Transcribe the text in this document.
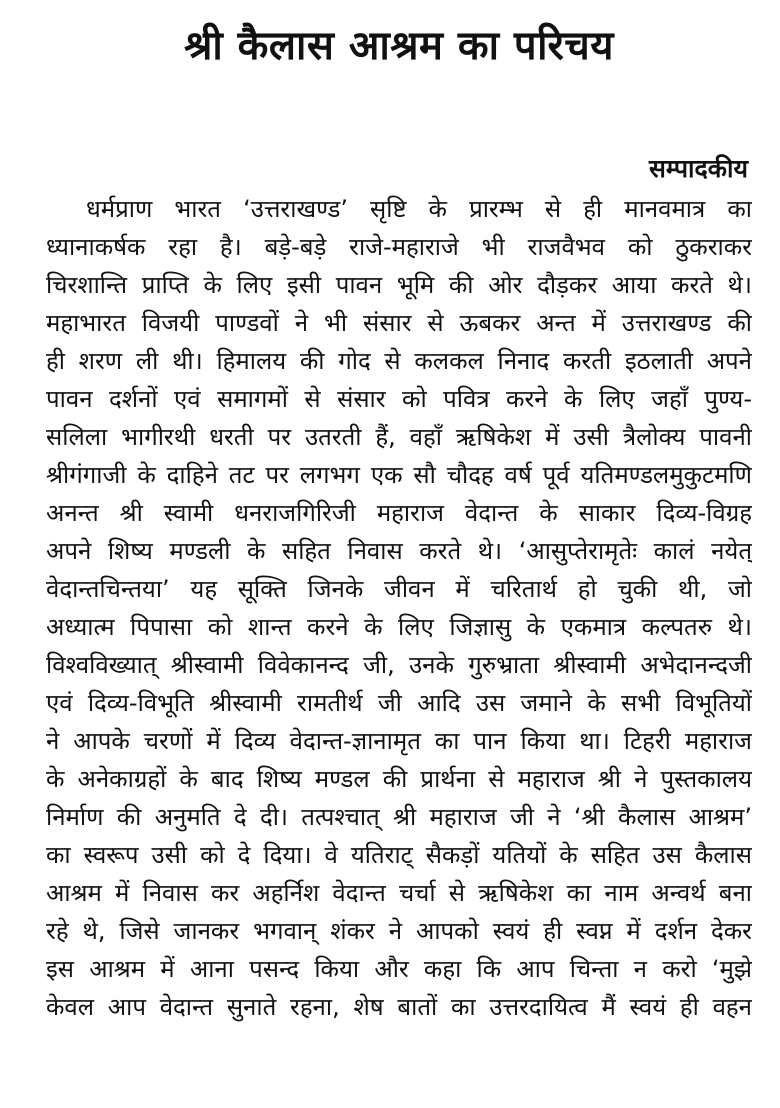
श्री कैलास आश्रम का परिचय
सम्पादकीय
धर्मप्राण भारत ‘उत्तराखण्ड’ सृष्टि के प्रारम्भ से ही मानवमात्र का
ध्यानाकर्षक रहा है। बड़े-बड़े राजे-महाराजे भी राजवैभव को ठुकराकर
चिरशान्ति प्राप्ति के लिए इसी पावन भूमि की ओर दौड़कर आया करते थे।
महाभारत विजयी पाण्डवों ने भी संसार से ऊबकर अन्त में उत्तराखण्ड की
ही शरण ली थी। हिमालय की गोद से कलकल निनाद करती इठलाती अपने
पावन दर्शनों एवं समागमों से संसार को पवित्र करने के लिए जहाँ पुण्य-
सलिला भागीरथी धरती पर उतरती हैं, वहाँ ऋषिकेश में उसी त्रैलोक्य पावनी
श्रीगंगाजी के दाहिने तट पर लगभग एक सौ चौदह वर्ष पूर्व यतिमण्डलमुकुटमणि
अनन्त श्री स्वामी धनराजगिरिजी महाराज वेदान्त के साकार दिव्य-विग्रह
अपने शिष्य मण्डली के सहित निवास करते थे। ‘आसुप्तेरामृतेः कालं नयेत्
वेदान्तचिन्तया’ यह सूक्ति जिनके जीवन में चरितार्थ हो चुकी थी, जो
अध्यात्म पिपासा को शान्त करने के लिए जिज्ञासु के एकमात्र कल्पतरु थे।
विश्वविख्यात् श्रीस्वामी विवेकानन्द जी, उनके गुरुभ्राता श्रीस्वामी अभेदानन्दजी
एवं दिव्य-विभूति श्रीस्वामी रामतीर्थ जी आदि उस जमाने के सभी विभूतियों
ने आपके चरणों में दिव्य वेदान्त-ज्ञानामृत का पान किया था। टिहरी महाराज
के अनेकाग्रहों के बाद शिष्य मण्डल की प्रार्थना से महाराज श्री ने पुस्तकालय
निर्माण की अनुमति दे दी। तत्पश्चात् श्री महाराज जी ने ‘श्री कैलास आश्रम’
का स्वरूप उसी को दे दिया। वे यतिराट् सैकड़ों यतियों के सहित उस कैलास
आश्रम में निवास कर अहर्निश वेदान्त चर्चा से ऋषिकेश का नाम अन्वर्थ बना
रहे थे, जिसे जानकर भगवान् शंकर ने आपको स्वयं ही स्वप्न में दर्शन देकर
इस आश्रम में आना पसन्द किया और कहा कि आप चिन्ता न करो ‘मुझे
केवल आप वेदान्त सुनाते रहना, शेष बातों का उत्तरदायित्व मैं स्वयं ही वहन
